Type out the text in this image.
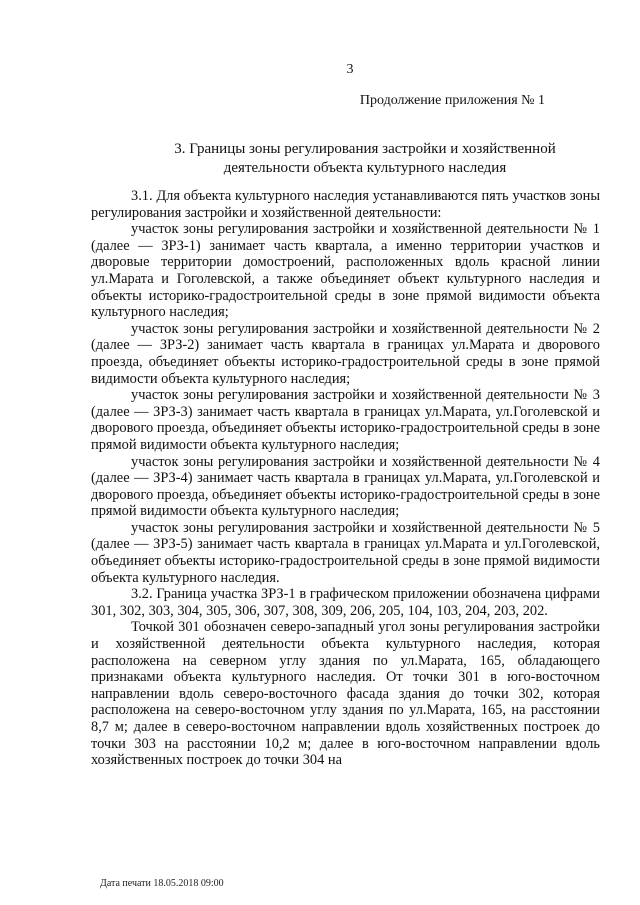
3
Продолжение приложения № 1
3. Границы зоны регулирования застройки и хозяйственной
деятельности объекта культурного наследия

3.1. Для объекта культурного наследия устанавливаются пять участков зоны регулирования застройки и хозяйственной деятельности:

участок зоны регулирования застройки и хозяйственной деятельности № 1 (далее — ЗРЗ-1) занимает часть квартала, а именно территории участков и дворовые территории домостроений, расположенных вдоль красной линии ул.Марата и Гоголевской, а также объединяет объект культурного наследия и объекты историко-градостроительной среды в зоне прямой видимости объекта культурного наследия;

участок зоны регулирования застройки и хозяйственной деятельности № 2 (далее — ЗРЗ-2) занимает часть квартала в границах ул.Марата и дворового проезда, объединяет объекты историко-градостроительной среды в зоне прямой видимости объекта культурного наследия;

участок зоны регулирования застройки и хозяйственной деятельности № 3 (далее — ЗРЗ-3) занимает часть квартала в границах ул.Марата, ул.Гоголевской и дворового проезда, объединяет объекты историко-градостроительной среды в зоне прямой видимости объекта культурного наследия;

участок зоны регулирования застройки и хозяйственной деятельности № 4 (далее — ЗРЗ-4) занимает часть квартала в границах ул.Марата, ул.Гоголевской и дворового проезда, объединяет объекты историко-градостроительной среды в зоне прямой видимости объекта культурного наследия;

участок зоны регулирования застройки и хозяйственной деятельности № 5 (далее — ЗРЗ-5) занимает часть квартала в границах ул.Марата и ул.Гоголевской, объединяет объекты историко-градостроительной среды в зоне прямой видимости объекта культурного наследия.

3.2. Граница участка ЗРЗ-1 в графическом приложении обозначена цифрами 301, 302, 303, 304, 305, 306, 307, 308, 309, 206, 205, 104, 103, 204, 203, 202.

Точкой 301 обозначен северо-западный угол зоны регулирования застройки и хозяйственной деятельности объекта культурного наследия, которая расположена на северном углу здания по ул.Марата, 165, обладающего признаками объекта культурного наследия. От точки 301 в юго-восточном направлении вдоль северо-восточного фасада здания до точки 302, которая расположена на северо-восточном углу здания по ул.Марата, 165, на расстоянии 8,7 м; далее в северо-восточном направлении вдоль хозяйственных построек до точки 303 на расстоянии 10,2 м; далее в юго-восточном направлении вдоль хозяйственных построек до точки 304 на

Дата печати 18.05.2018 09:00
